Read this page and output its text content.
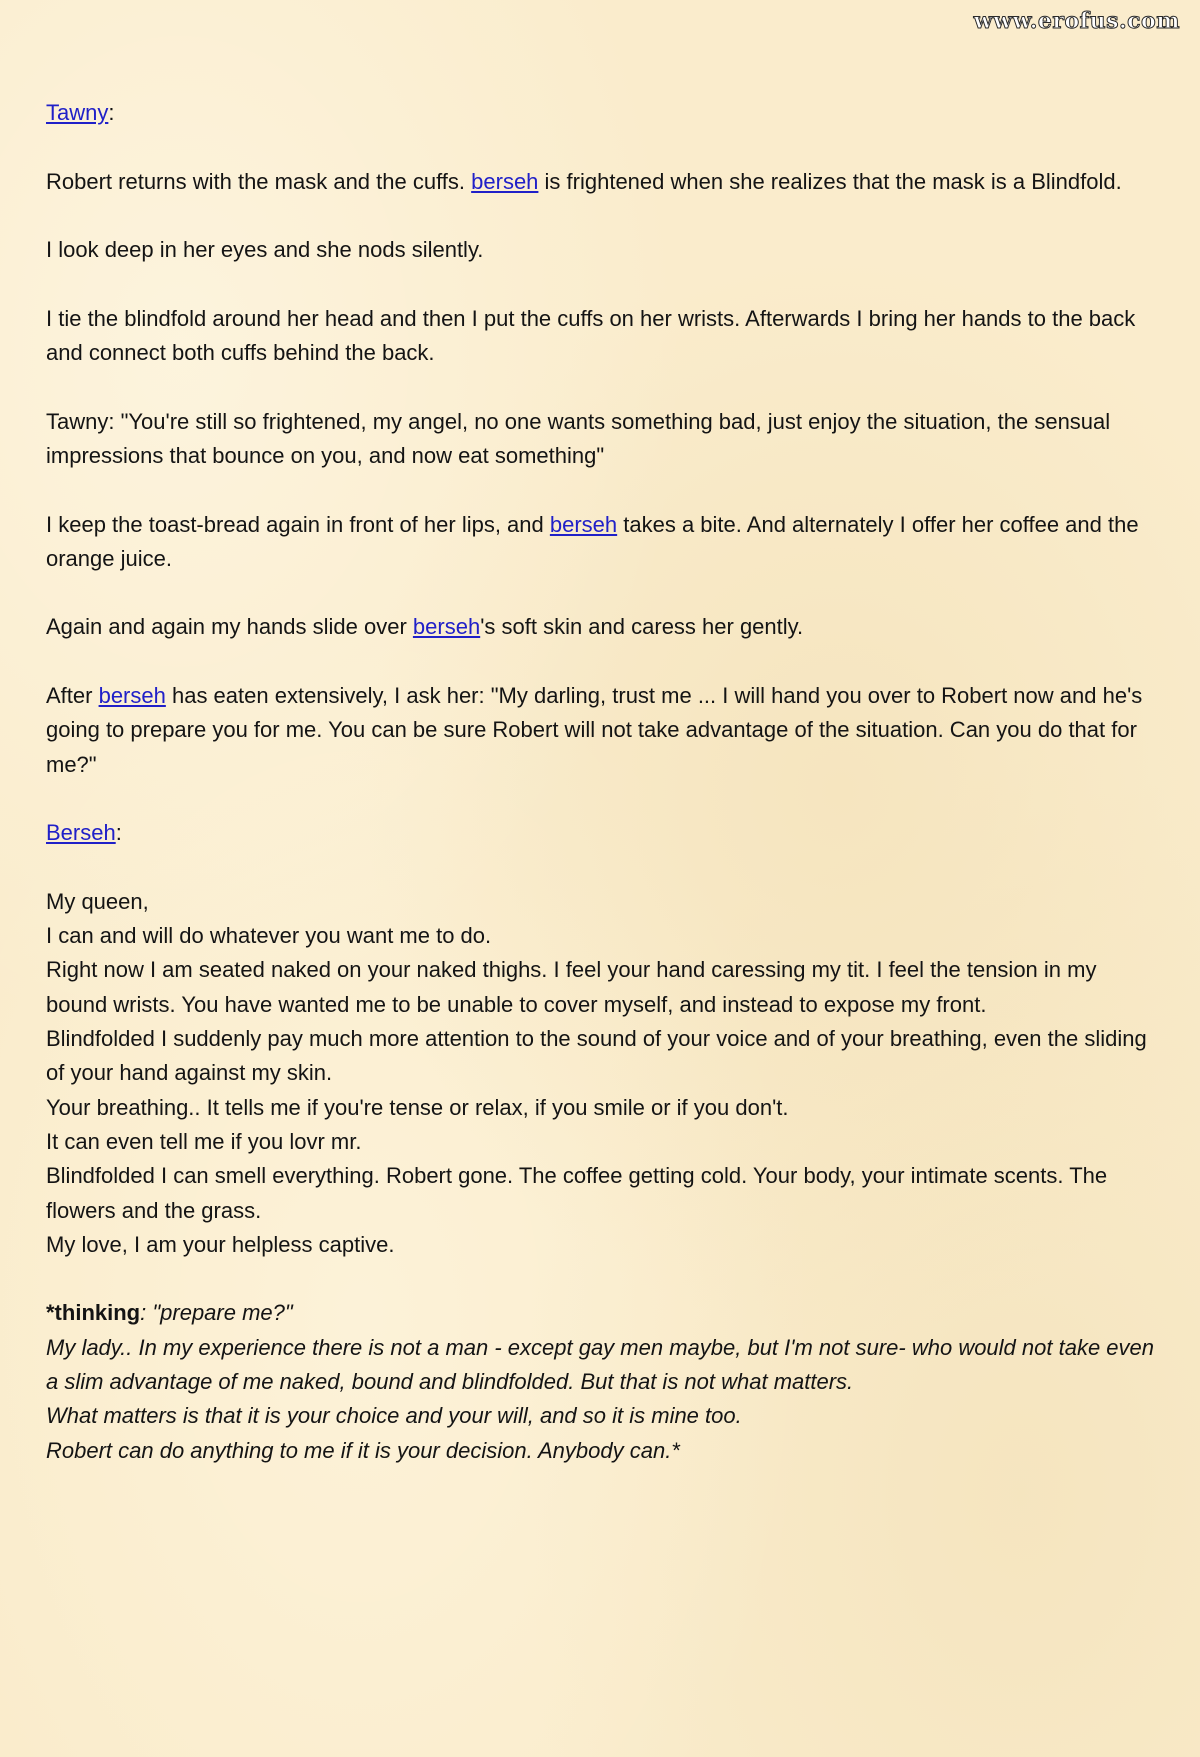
www.erofus.com

Tawny:

Robert returns with the mask and the cuffs. berseh is frightened when she realizes that the mask is a Blindfold.

I look deep in her eyes and she nods silently.

I tie the blindfold around her head and then I put the cuffs on her wrists. Afterwards I bring her hands to the back and connect both cuffs behind the back.

Tawny: "You're still so frightened, my angel, no one wants something bad, just enjoy the situation, the sensual impressions that bounce on you, and now eat something"

I keep the toast-bread again in front of her lips, and berseh takes a bite. And alternately I offer her coffee and the orange juice.

Again and again my hands slide over berseh's soft skin and caress her gently.

After berseh has eaten extensively, I ask her: "My darling, trust me ... I will hand you over to Robert now and he's going to prepare you for me. You can be sure Robert will not take advantage of the situation. Can you do that for me?"

Berseh:

My queen,

I can and will do whatever you want me to do.

Right now I am seated naked on your naked thighs. I feel your hand caressing my tit. I feel the tension in my bound wrists. You have wanted me to be unable to cover myself, and instead to expose my front.

Blindfolded I suddenly pay much more attention to the sound of your voice and of your breathing, even the sliding of your hand against my skin.

Your breathing.. It tells me if you're tense or relax, if you smile or if you don't.

It can even tell me if you lovr mr.

Blindfolded I can smell everything. Robert gone. The coffee getting cold. Your body, your intimate scents. The flowers and the grass.

My love, I am your helpless captive.

*thinking: "prepare me?"

My lady.. In my experience there is not a man - except gay men maybe, but I'm not sure- who would not take even a slim advantage of me naked, bound and blindfolded. But that is not what matters.

What matters is that it is your choice and your will, and so it is mine too.

Robert can do anything to me if it is your decision. Anybody can.*
